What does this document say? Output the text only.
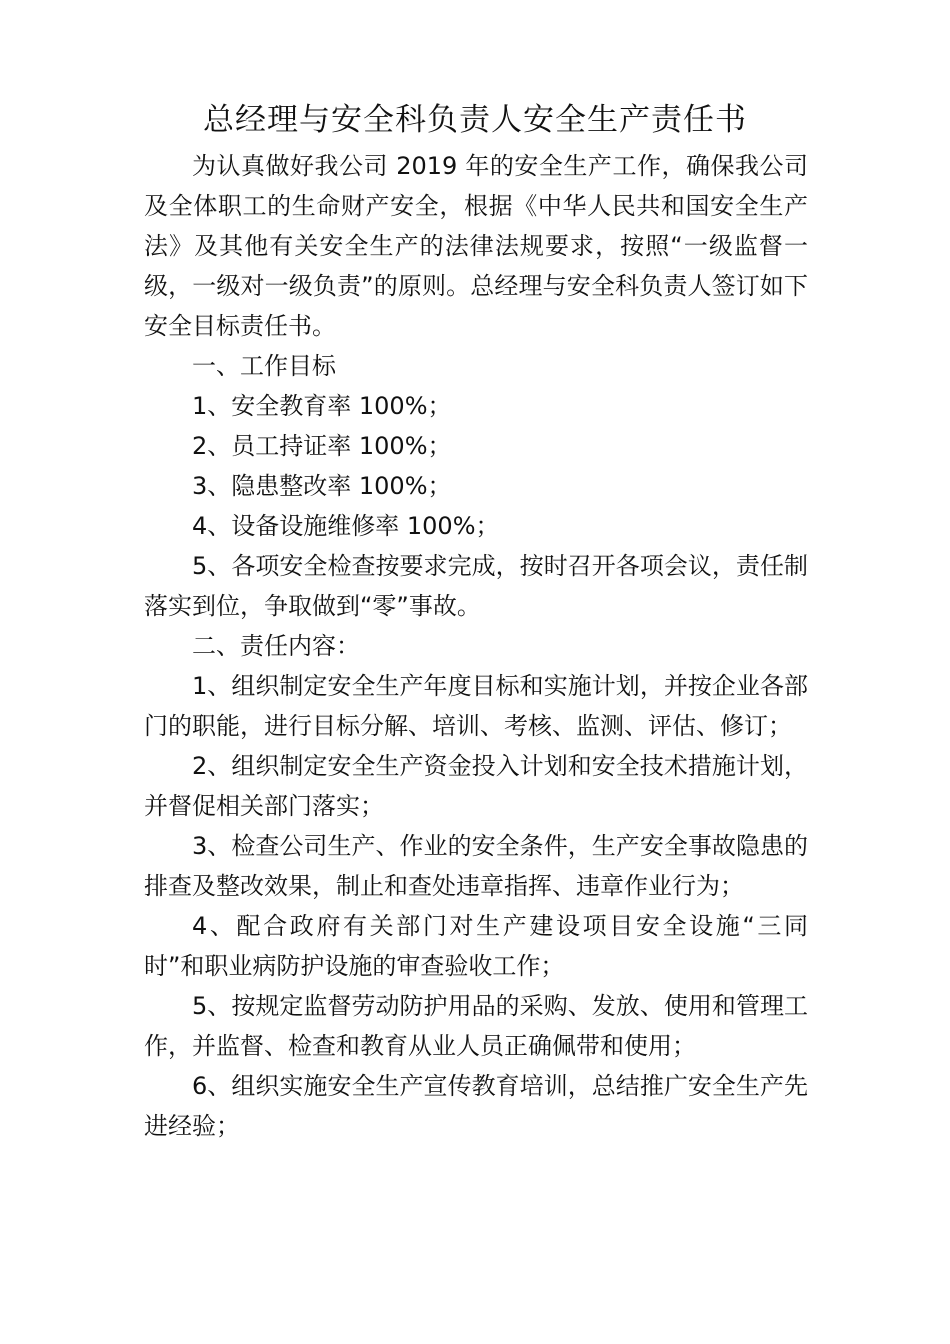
总经理与安全科负责人安全生产责任书

为认真做好我公司 2019 年的安全生产工作，确保我公司及全体职工的生命财产安全，根据《中华人民共和国安全生产法》及其他有关安全生产的法律法规要求，按照“一级监督一级，一级对一级负责”的原则。总经理与安全科负责人签订如下安全目标责任书。

一、工作目标

1、安全教育率 100%；

2、员工持证率 100%；

3、隐患整改率 100%；

4、设备设施维修率 100%；

5、各项安全检查按要求完成，按时召开各项会议，责任制落实到位，争取做到“零”事故。

二、责任内容：

1、组织制定安全生产年度目标和实施计划，并按企业各部门的职能，进行目标分解、培训、考核、监测、评估、修订；

2、组织制定安全生产资金投入计划和安全技术措施计划，并督促相关部门落实；

3、检查公司生产、作业的安全条件，生产安全事故隐患的排查及整改效果，制止和查处违章指挥、违章作业行为；

4、配合政府有关部门对生产建设项目安全设施“三同时”和职业病防护设施的审查验收工作；

5、按规定监督劳动防护用品的采购、发放、使用和管理工作，并监督、检查和教育从业人员正确佩带和使用；

6、组织实施安全生产宣传教育培训，总结推广安全生产先进经验；
